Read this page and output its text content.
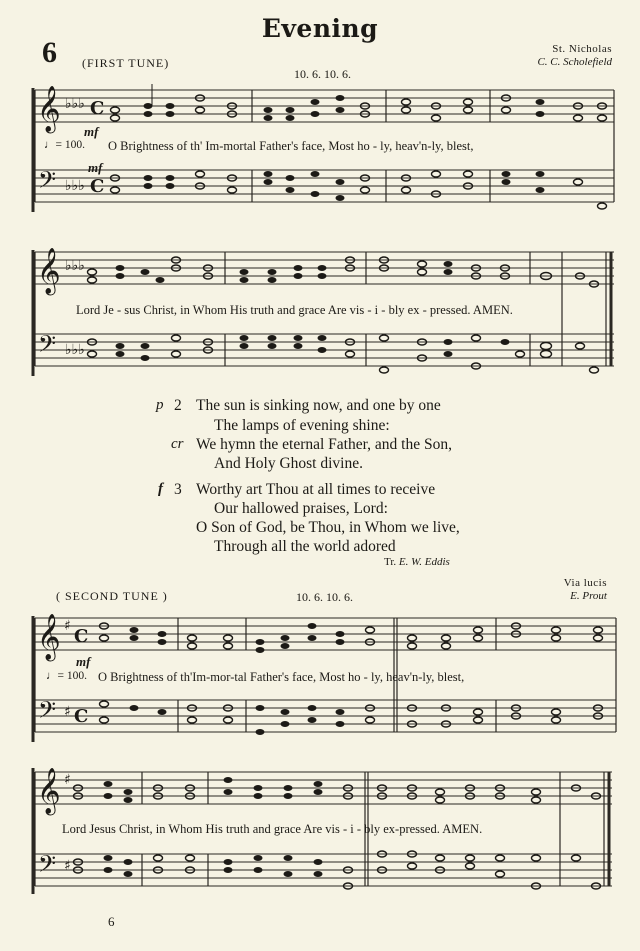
Evening
6 (FIRST TUNE)
10. 6. 10. 6.
St. Nicholas
C. C. Scholefield
𝄞 ♭♭♭ C
𝄢 ♭♭♭ C
mf
♩= 100. O Brightness of th' Im-mortal Father's face, Most ho - ly, heav'n-ly, blest,
mf
𝄞 ♭♭♭
𝄢 ♭♭♭
Lord Je - sus Christ, in Whom His truth and grace Are vis - i - bly ex - pressed. AMEN.
p 2 The sun is sinking now, and one by one
The lamps of evening shine:
cr We hymn the eternal Father, and the Son,
And Holy Ghost divine.
f 3 Worthy art Thou at all times to receive
Our hallowed praises, Lord:
O Son of God, be Thou, in Whom we live,
Through all the world adored
Tr. E. W. Eddis
( SECOND TUNE )	10. 6. 10. 6.
Via lucis
E. Prout
𝄞 ♯ C
𝄢 ♯ C
mf
♩= 100. O Brightness of th'Im-mor-tal Father's face, Most ho - ly, heav'n-ly, blest,
𝄞 ♯
𝄢 ♯
Lord Jesus Christ, in Whom His truth and grace Are vis - i - bly ex-pressed. AMEN.
6
